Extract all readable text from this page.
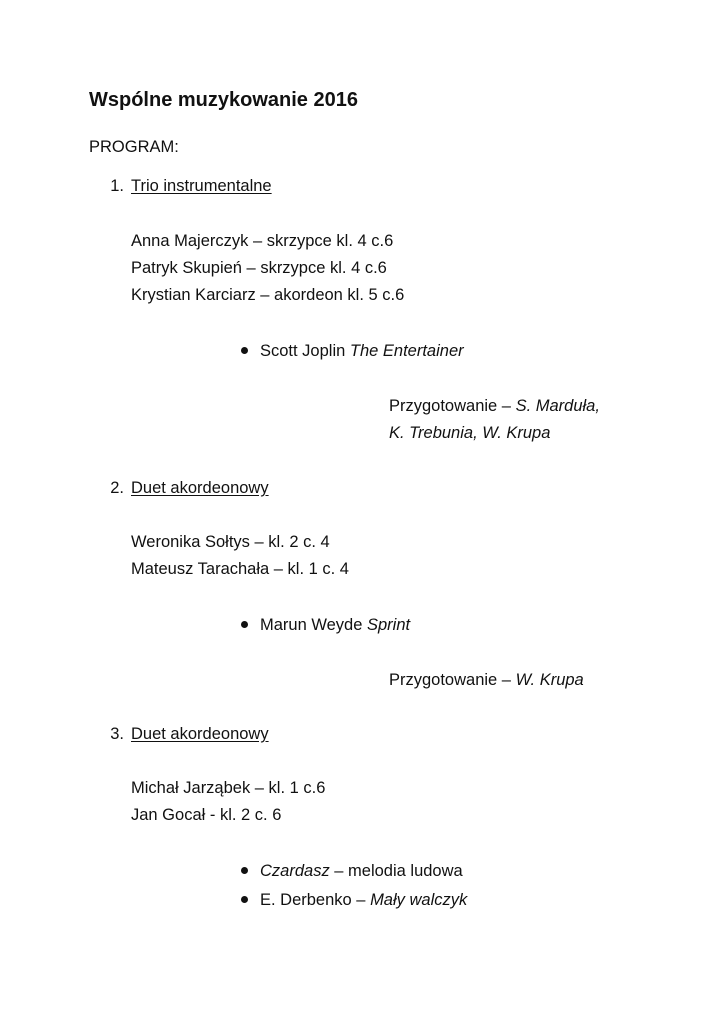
Wspólne muzykowanie 2016
PROGRAM:
1. Trio instrumentalne
Anna Majerczyk – skrzypce kl. 4 c.6
Patryk Skupień – skrzypce kl. 4 c.6
Krystian Karciarz – akordeon kl. 5 c.6
Scott Joplin The Entertainer
Przygotowanie – S. Marduła,
K. Trebunia, W. Krupa
2. Duet akordeonowy
Weronika Sołtys – kl. 2 c. 4
Mateusz Tarachała – kl. 1 c. 4
Marun Weyde Sprint
Przygotowanie – W. Krupa
3. Duet akordeonowy
Michał Jarząbek – kl. 1 c.6
Jan Gocał - kl. 2 c. 6
Czardasz – melodia ludowa
E. Derbenko – Mały walczyk
